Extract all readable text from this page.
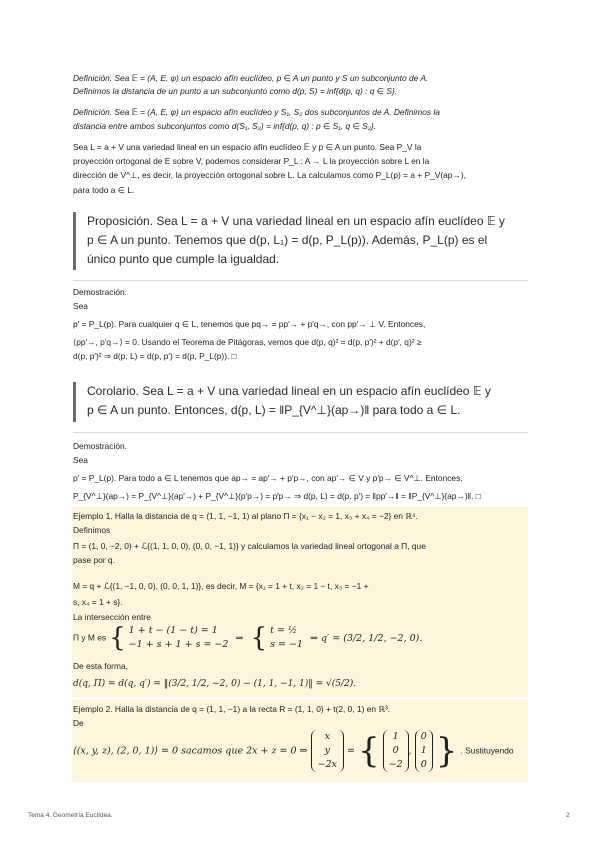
Definición. Sea 𝔼 = (A, E, φ) un espacio afín euclídeo, p ∈ A un punto y S un subconjunto de A.

Definimos la distancia de un punto a un subconjunto como d(p, S) = inf{d(p, q) : q ∈ S}.

Definición. Sea 𝔼 = (A, E, φ) un espacio afín euclídeo y S₁, S₂ dos subconjuntos de A. Definimos la

distancia entre ambos subconjuntos como d(S₁, S₂) = inf{d(p, q) : p ∈ S₁, q ∈ S₂}.

Sea L = a + V una variedad lineal en un espacio afín euclídeo 𝔼 y p ∈ A un punto. Sea P_V la

proyección ortogonal de E sobre V, podemos considerar P_L : A → L la proyección sobre L en la

dirección de V^⊥, es decir, la proyección ortogonal sobre L. La calculamos como P_L(p) = a + P_V(ap→),

para todo a ∈ L.

Proposición. Sea L = a + V una variedad lineal en un espacio afín euclídeo 𝔼 y
p ∈ A un punto. Tenemos que d(p, L₁) = d(p, P_L(p)). Además, P_L(p) es el
único punto que cumple la igualdad.

Demostración.

Sea

p′ = P_L(p). Para cualquier q ∈ L, tenemos que pq→ = pp′→ + p′q→, con pp′→ ⊥ V. Entonces,

⟨pp′→, p′q→⟩ = 0. Usando el Teorema de Pitágoras, vemos que d(p, q)² = d(p, p′)² + d(p′, q)² ≥

d(p, p′)² ⇒ d(p, L) = d(p, p′) = d(p, P_L(p)). □

Corolario. Sea L = a + V una variedad lineal en un espacio afín euclídeo 𝔼 y
p ∈ A un punto. Entonces, d(p, L) = ‖P_{V^⊥}(ap→)‖ para todo a ∈ L.

Demostración.

Sea

p′ = P_L(p). Para todo a ∈ L tenemos que ap→ = ap′→ + p′p→, con ap′→ ∈ V y p′p→ ∈ V^⊥. Entonces,

P_{V^⊥}(ap→) = P_{V^⊥}(ap′→) + P_{V^⊥}(p′p→) = p′p→ ⇒ d(p, L) = d(p, p′) = ‖pp′→‖ = ‖P_{V^⊥}(ap→)‖. □

Ejemplo 1. Halla la distancia de q = (1, 1, −1, 1) al plano Π = {x₁ − x₂ = 1, x₃ + x₄ = −2} en ℝ⁴.

Definimos

Π = (1, 0, −2, 0) + ℒ{(1, 1, 0, 0), (0, 0, −1, 1)} y calculamos la variedad lineal ortogonal a Π, que

pase por q.

M = q + ℒ{(1, −1, 0, 0), (0, 0, 1, 1)}, es decir, M = {x₁ = 1 + t, x₂ = 1 − t, x₃ = −1 +

s, x₄ = 1 + s}.

La intersección entre

Π y M es { 1 + t − (1 − t) = 1
−1 + s + 1 + s = −2
⇒ { t = ½
s = −1
⇒ q′ = (3/2, 1/2, −2, 0).

De esta forma,

d(q, Π) = d(q, q′) = ‖(3/2, 1/2, −2, 0) − (1, 1, −1, 1)‖ = √(5/2).

Ejemplo 2. Halla la distancia de q = (1, 1, −1) a la recta R = (1, 1, 0) + t(2, 0, 1) en ℝ³.

De

⟨(x, y, z), (2, 0, 1)⟩ = 0 sacamos que 2x + z = 0 ⇒
x
y
−2x
= {	1
0
−2
,
0
1
0 } . Sustituyendo
Tema 4. Geometría Euclídea.	2
